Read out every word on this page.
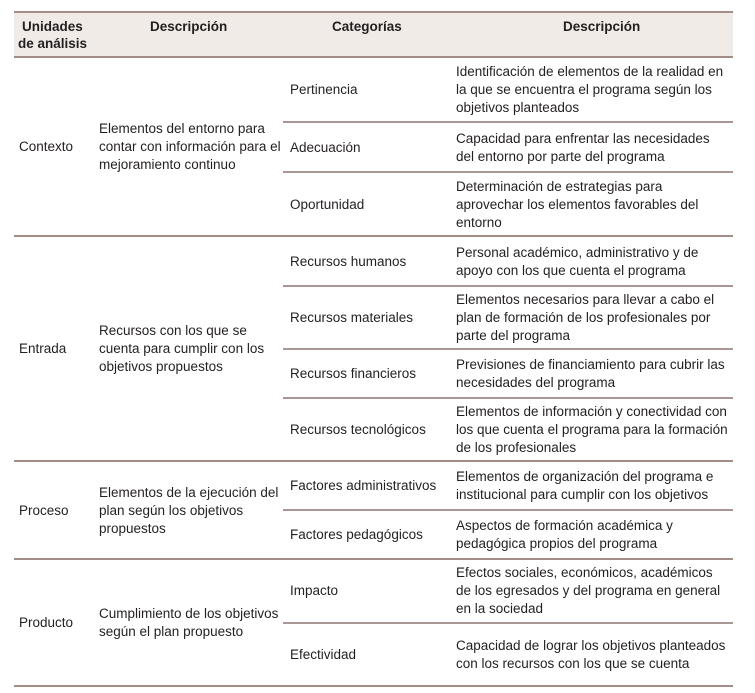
Unidades
de análisis
Descripción	Categorías	Descripción
Contexto
Elementos del entorno para contar con información para el mejoramiento continuo
Pertinencia
Identificación de elementos de la realidad en la que se encuentra el programa según los objetivos planteados
Adecuación
Capacidad para enfrentar las necesidades del entorno por parte del programa
Oportunidad
Determinación de estrategias para aprovechar los elementos favorables del entorno
Entrada
Recursos con los que se cuenta para cumplir con los objetivos propuestos
Recursos humanos
Personal académico, administrativo y de apoyo con los que cuenta el programa
Recursos materiales
Elementos necesarios para llevar a cabo el plan de formación de los profesionales por parte del programa
Recursos financieros
Previsiones de financiamiento para cubrir las necesidades del programa
Recursos tecnológicos
Elementos de información y conectividad con los que cuenta el programa para la formación de los profesionales
Proceso
Elementos de la ejecución del plan según los objetivos propuestos
Factores administrativos
Elementos de organización del programa e institucional para cumplir con los objetivos
Factores pedagógicos
Aspectos de formación académica y pedagógica propios del programa
Producto
Cumplimiento de los objetivos según el plan propuesto
Impacto
Efectos sociales, económicos, académicos de los egresados y del programa en general en la sociedad
Efectividad
Capacidad de lograr los objetivos planteados con los recursos con los que se cuenta
